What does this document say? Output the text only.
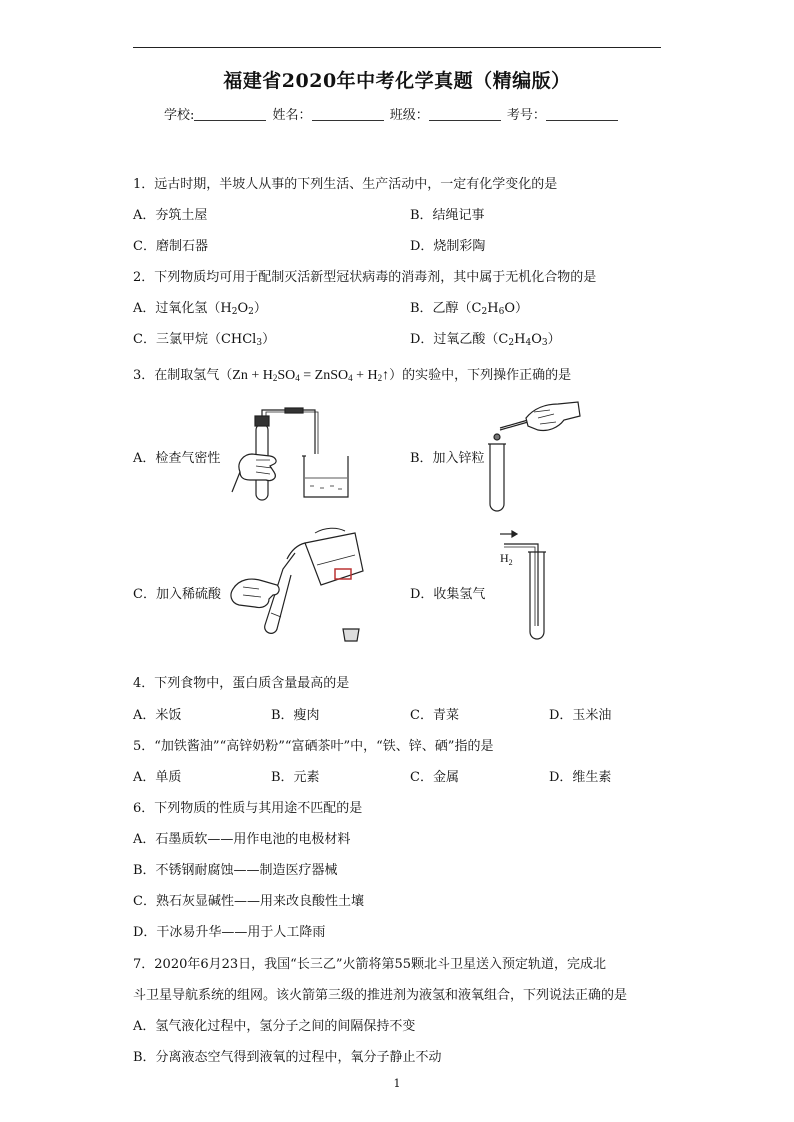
福建省2020年中考化学真题（精编版）
学校:	姓名：	班级：	考号：
1．远古时期，半坡人从事的下列生活、生产活动中，一定有化学变化的是
A．夯筑土屋	B．结绳记事
C．磨制石器	D．烧制彩陶
2．下列物质均可用于配制灭活新型冠状病毒的消毒剂，其中属于无机化合物的是
A．过氧化氢$(H_2O_2)$	B．乙醇$(C_2H_6O)$
C．三氯甲烷（CHCl$_3$）	D．过氧乙酸$(C_2H_4O_3)$
3．在制取氢气（$Zn + H_2SO_4$ = ZnSO$_4$ + $H_2↑$）的实验中，下列操作正确的是
A．检查气密性	B．加入锌粒
C．加入稀硫酸	D．收集氢气
$H_2$
4．下列食物中，蛋白质含量最高的是
A．米饭	B．瘦肉	C．青菜	D．玉米油
5．“加铁酱油”“高锌奶粉”“富硒茶叶”中，“铁、锌、硒”指的是
A．单质	B．元素	C．金属	D．维生素
6．下列物质的性质与其用途不匹配的是
A．石墨质软——用作电池的电极材料
B．不锈钢耐腐蚀——制造医疗器械
C．熟石灰显碱性——用来改良酸性土壤
D．干冰易升华——用于人工降雨
7．2020年6月23日，我国“长三乙”火箭将第55颗北斗卫星送入预定轨道，完成北
斗卫星导航系统的组网。该火箭第三级的推进剂为液氢和液氧组合，下列说法正确的是
A．氢气液化过程中，氢分子之间的间隔保持不变
B．分离液态空气得到液氧的过程中，氧分子静止不动
1
